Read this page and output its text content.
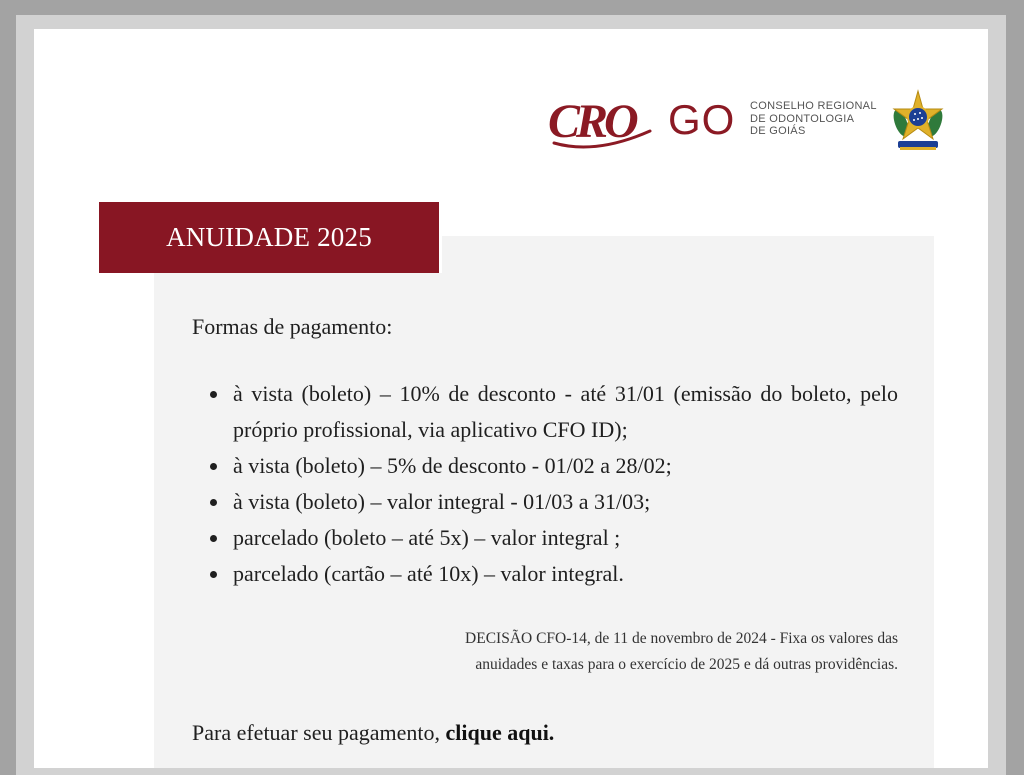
CRO GO CONSELHO REGIONAL
DE ODONTOLOGIA
DE GOIÁS
ANUIDADE 2025
Formas de pagamento:
à vista (boleto) – 10% de desconto - até 31/01 (emissão do boleto, pelo próprio profissional, via aplicativo CFO ID);
à vista (boleto) – 5% de desconto - 01/02 a 28/02;
à vista (boleto) – valor integral - 01/03 a 31/03;
parcelado (boleto – até 5x) – valor integral ;
parcelado (cartão – até 10x) – valor integral.
DECISÃO CFO-14, de 11 de novembro de 2024 - Fixa os valores das
anuidades e taxas para o exercício de 2025 e dá outras providências.
Para efetuar seu pagamento, clique aqui.
